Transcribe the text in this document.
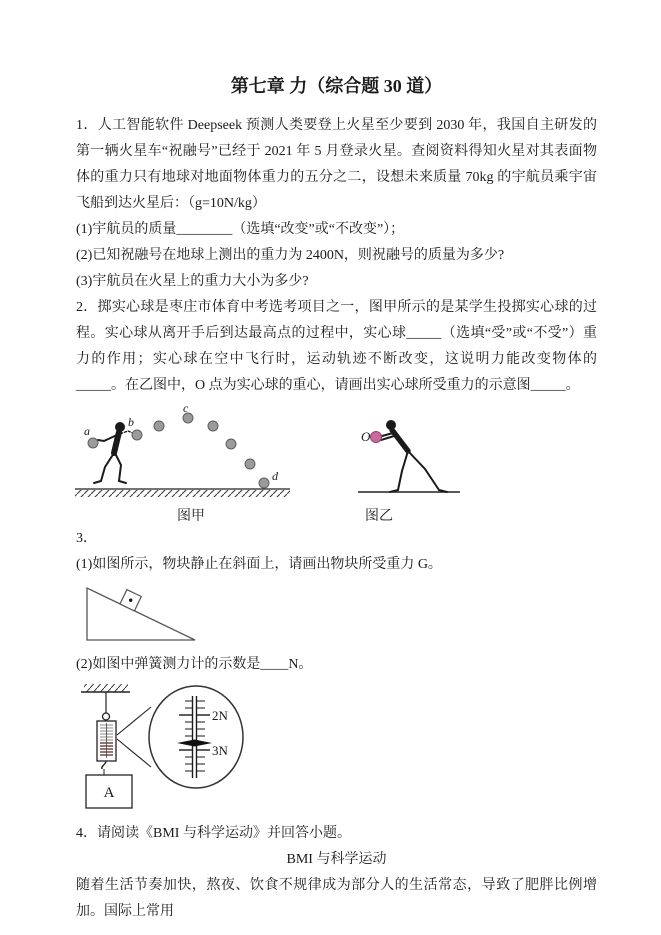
第七章 力（综合题 30 道）

1．人工智能软件 Deepseek 预测人类要登上火星至少要到 2030 年，我国自主研发的第一辆火星车“祝融号”已经于 2021 年 5 月登录火星。查阅资料得知火星对其表面物体的重力只有地球对地面物体重力的五分之二，设想未来质量 70kg 的宇航员乘宇宙飞船到达火星后：（g=10N/kg）

(1)宇航员的质量________（选填“改变”或“不改变”）；

(2)已知祝融号在地球上测出的重力为 2400N，则祝融号的质量为多少?

(3)宇航员在火星上的重力大小为多少?

2．掷实心球是枣庄市体育中考选考项目之一，图甲所示的是某学生投掷实心球的过程。实心球从离开手后到达最高点的过程中，实心球_____（选填“受”或“不受”）重力的作用；实心球在空中飞行时，运动轨迹不断改变，这说明力能改变物体的_____。在乙图中，O 点为实心球的重心，请画出实心球所受重力的示意图_____。

a
b
c
d
图甲
O
图乙

3．

(1)如图所示，物块静止在斜面上，请画出物块所受重力 G。

(2)如图中弹簧测力计的示数是____N。

A
2N
3N

4．请阅读《BMI 与科学运动》并回答小题。

BMI 与科学运动

随着生活节奏加快，熬夜、饮食不规律成为部分人的生活常态，导致了肥胖比例增加。国际上常用
